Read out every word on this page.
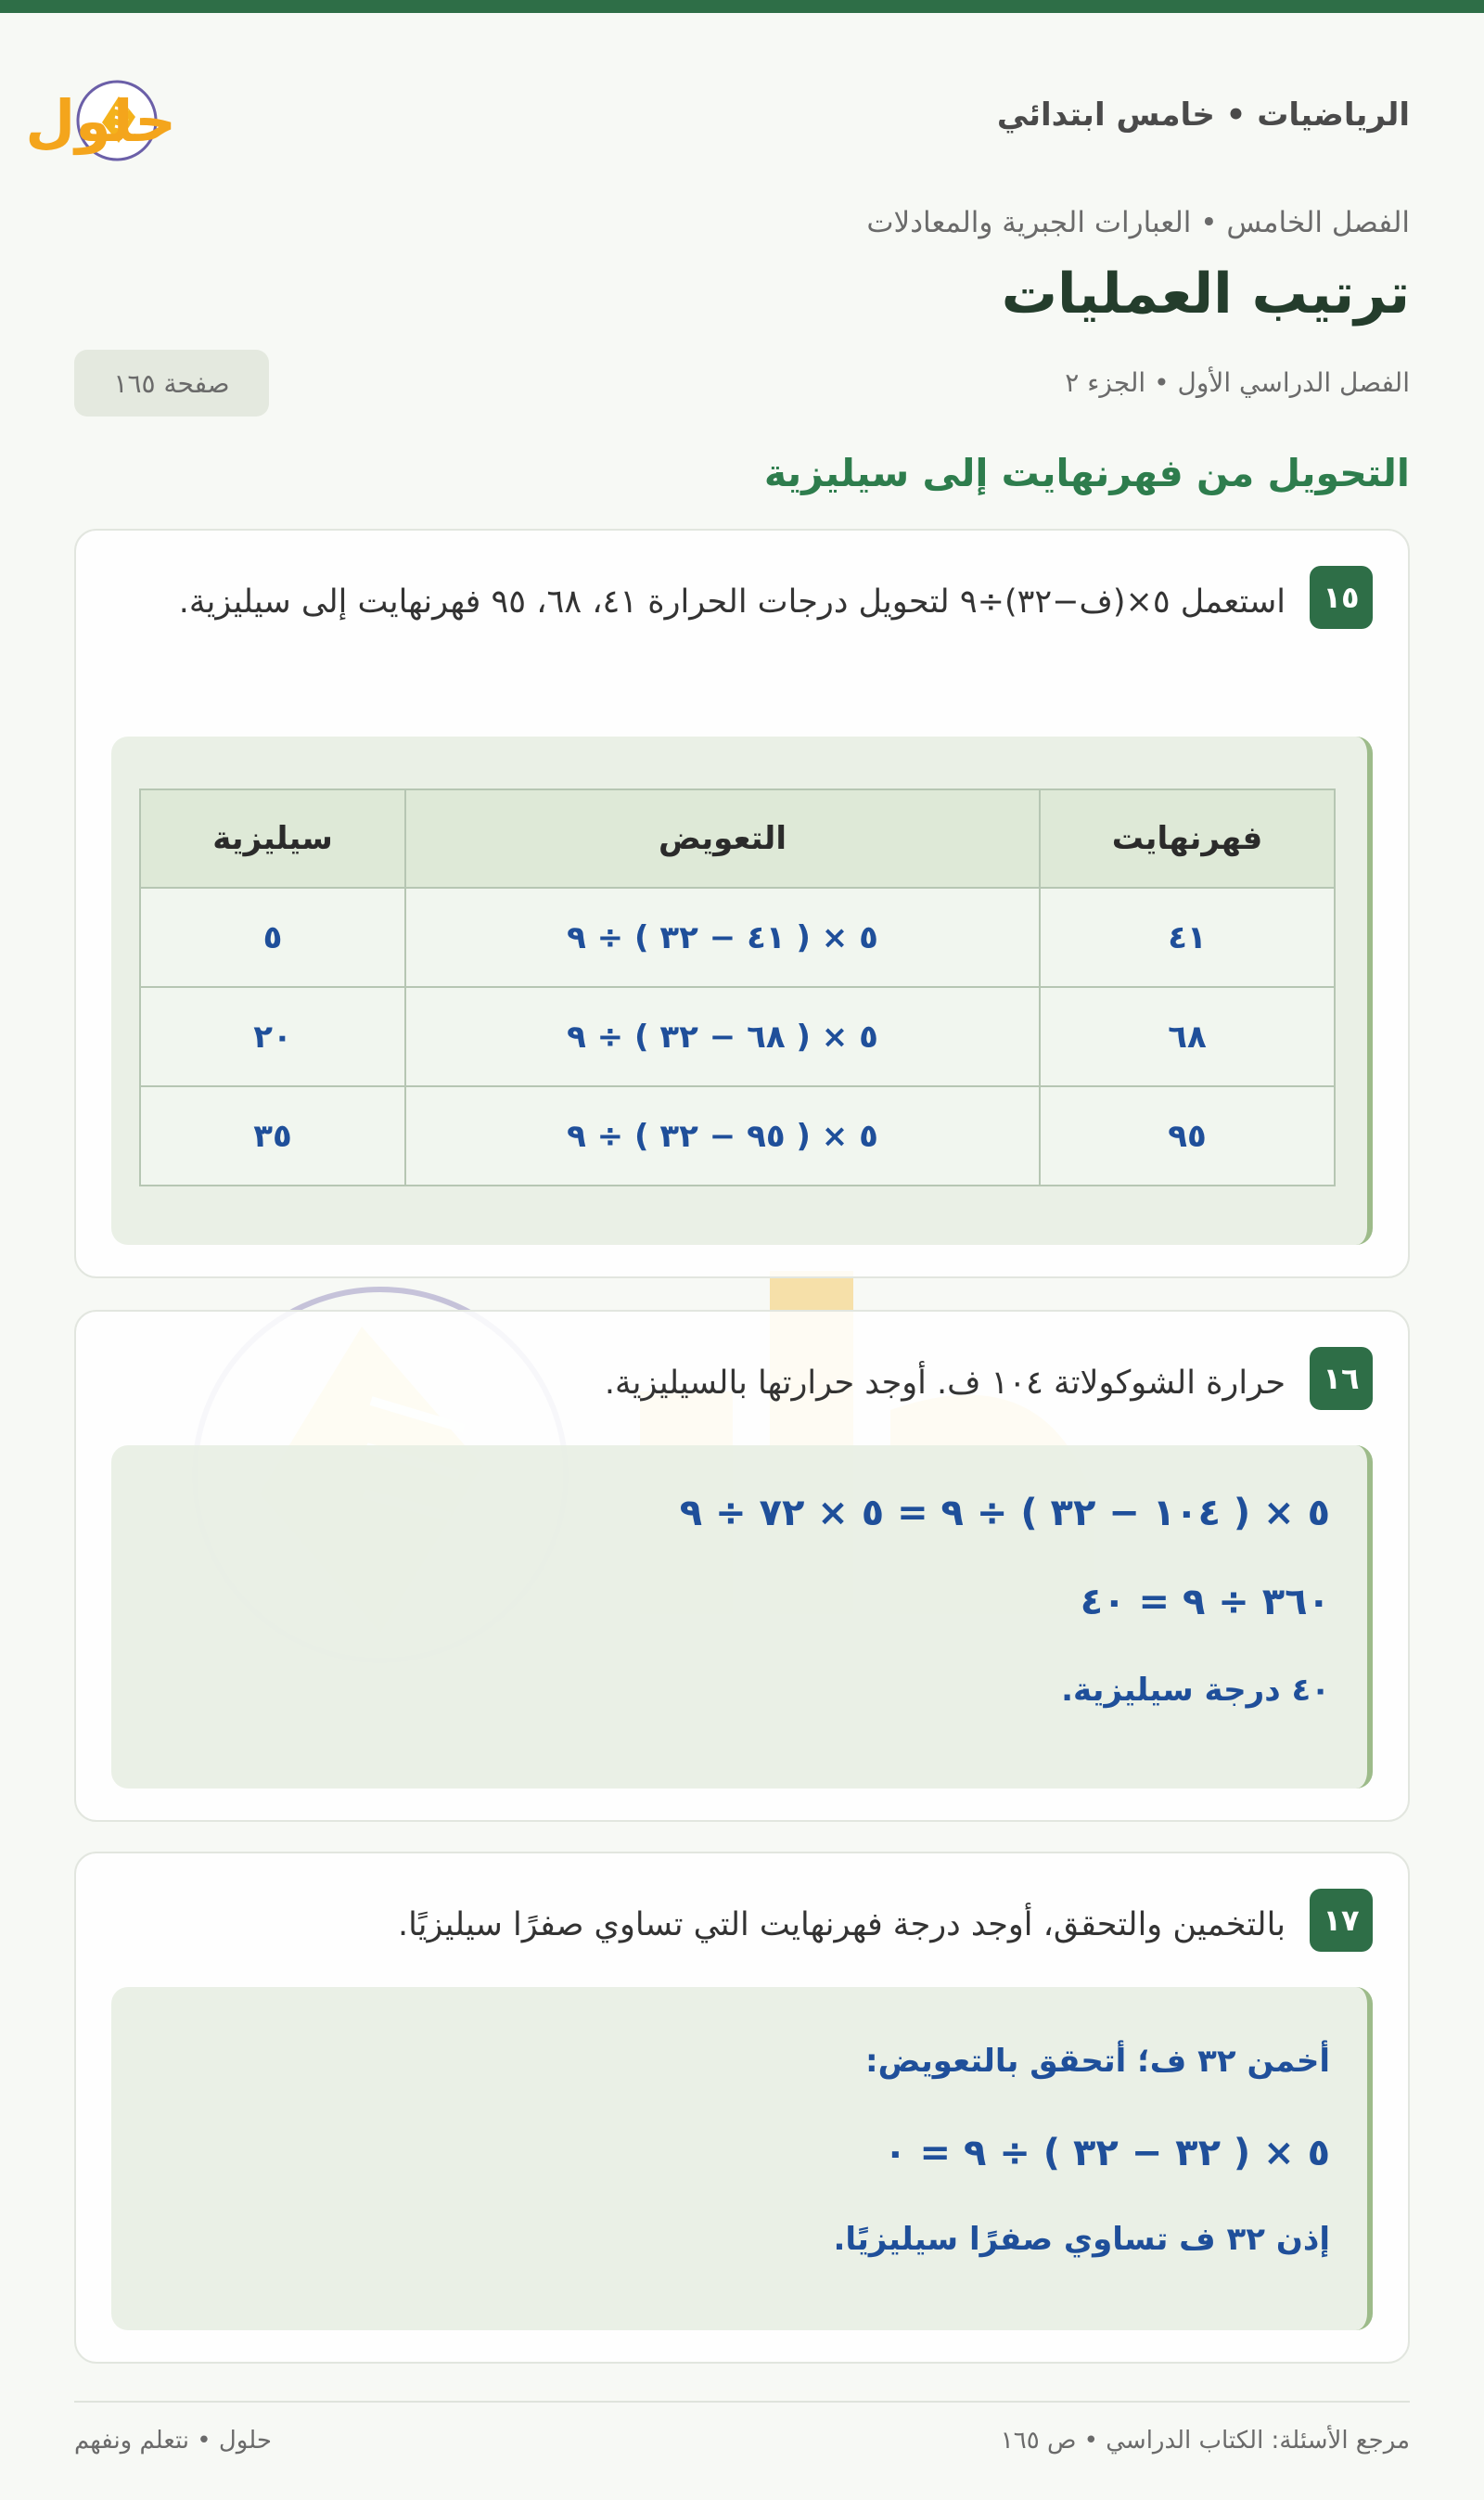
الرياضيات • خامس ابتدائي
حلول
الفصل الخامس • العبارات الجبرية والمعادلات
ترتيب العمليات
الفصل الدراسي الأول • الجزء ٢
صفحة ١٦٥
التحويل من فهرنهايت إلى سيليزية
١٥
استعمل ٥×(ف−٣٢)÷٩ لتحويل درجات الحرارة ٤١، ٦٨، ٩٥ فهرنهايت إلى سيليزية.
فهرنهايت	التعويض	سيليزية
٤١	٥ × ( ٤١ − ٣٢ ) ÷ ٩	٥
٦٨	٥ × ( ٦٨ − ٣٢ ) ÷ ٩	٢٠
٩٥	٥ × ( ٩٥ − ٣٢ ) ÷ ٩	٣٥
١٦
حرارة الشوكولاتة ١٠٤ ف. أوجد حرارتها بالسيليزية.
٥ × ( ١٠٤ − ٣٢ ) ÷ ٩ = ٥ × ٧٢ ÷ ٩
٣٦٠ ÷ ٩ = ٤٠
٤٠ درجة سيليزية.
١٧
بالتخمين والتحقق، أوجد درجة فهرنهايت التي تساوي صفرًا سيليزيًا.
أخمن ٣٢ ف؛ أتحقق بالتعويض:
٥ × ( ٣٢ − ٣٢ ) ÷ ٩ = ٠
إذن ٣٢ ف تساوي صفرًا سيليزيًا.
مرجع الأسئلة: الكتاب الدراسي • ص ١٦٥
حلول • نتعلم ونفهم
